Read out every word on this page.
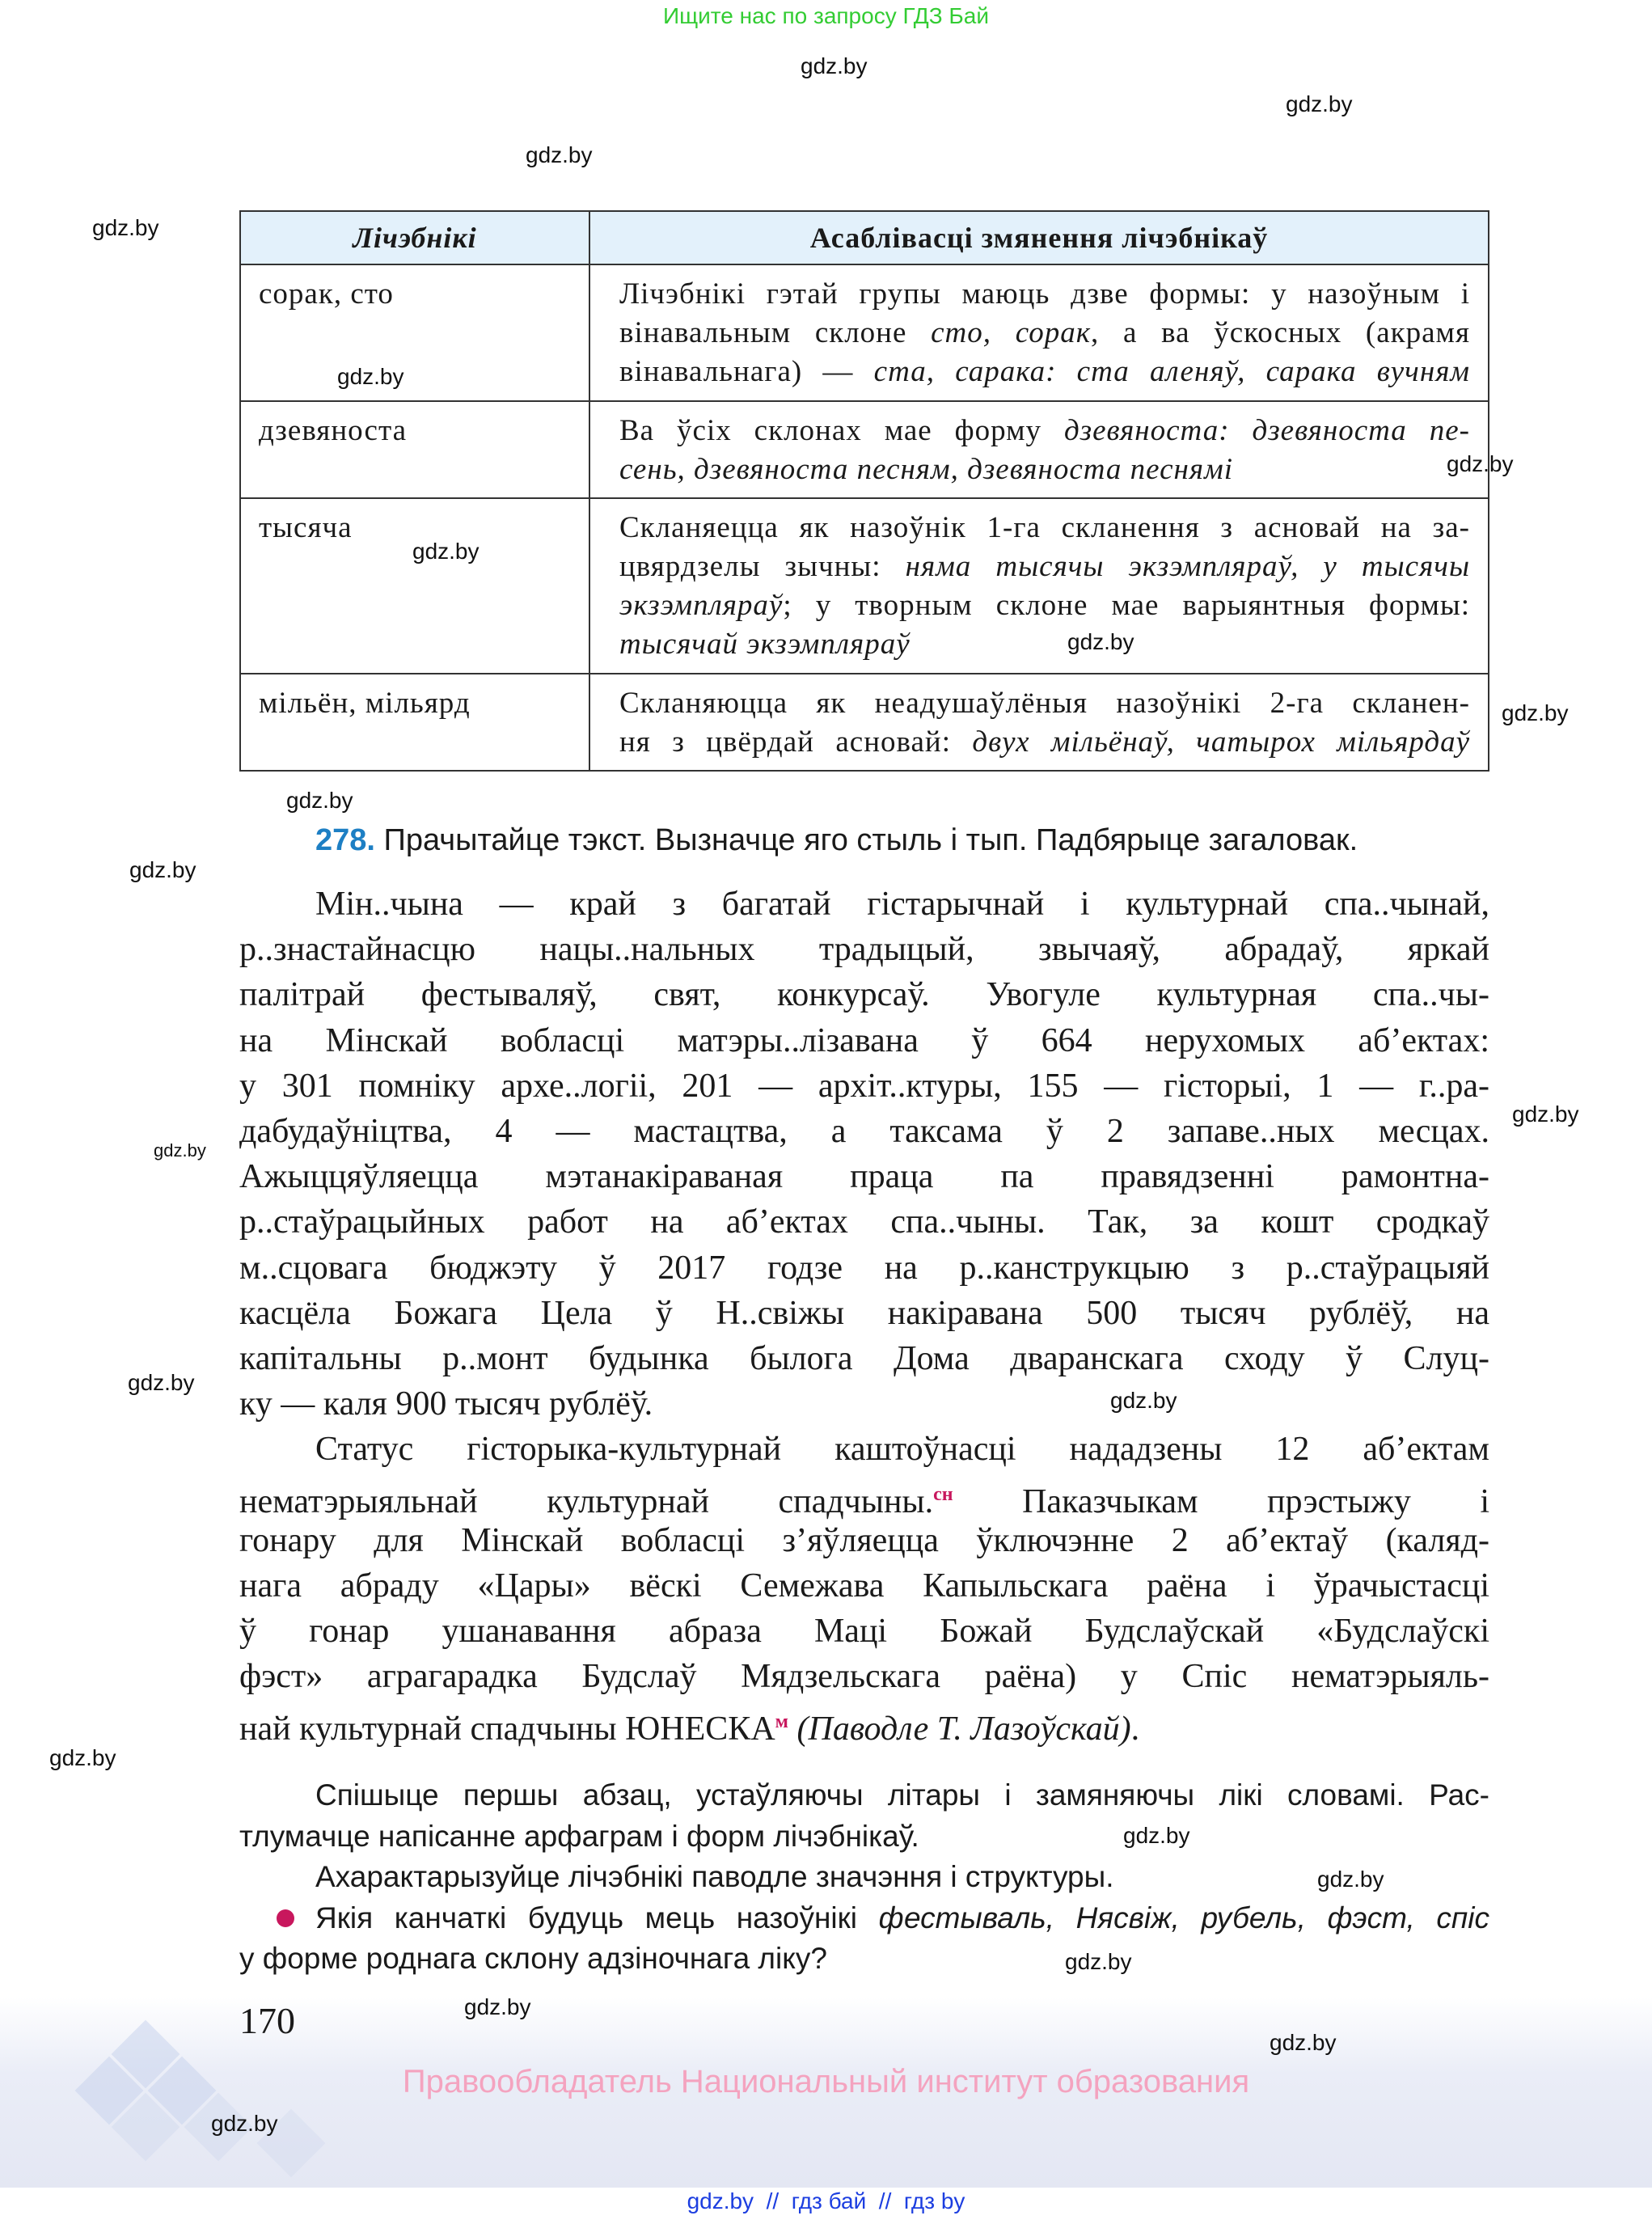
Ищите нас по запросу ГДЗ Бай
Лічэбнікі	Асаблівасці змянення лічэбнікаў
сорак, сто	Лічэбнікі гэтай групы маюць дзве формы: у назоўным і
вінавальным склоне сто, сорак, а ва ўскосных (акрамя
вінавальнага) — ста, сарака: ста аленяў, сарака вучням

дзевяноста	Ва ўсіх склонах мае форму дзевяноста: дзевяноста пе-
сень, дзевяноста песням, дзевяноста песнямі

тысяча	Скланяецца як назоўнік 1-га скланення з асновай на за-
цвярдзелы зычны: няма тысячы экзэмпляраў, у тысячы
экзэмпляраў; у творным склоне мае варыянтныя формы:
тысячай экзэмпляраў

мільён, мільярд	Скланяюцца як неадушаўлёныя назоўнікі 2-га скланен-
ня з цвёрдай асновай: двух мільёнаў, чатырох мільярдаў
278. Прачытайце тэкст. Вызначце яго стыль і тып. Падбярыце загаловак.
Мін..чына — край з багатай гістарычнай і культурнай спа..чынай,
р..знастайнасцю нацы..нальных традыцый, звычаяў, абрадаў, яркай
палітрай фестываляў, свят, конкурсаў. Увогуле культурная спа..чы-
на Мінскай вобласці матэры..лізавана ў 664 нерухомых аб’ектах:
у 301 помніку архе..логіі, 201 — архіт..ктуры, 155 — гісторыі, 1 — г..ра-
дабудаўніцтва, 4 — мастацтва, а таксама ў 2 запаве..ных месцах.
Ажыццяўляецца мэтанакіраваная праца па правядзенні рамонтна-
р..стаўрацыйных работ на аб’ектах спа..чыны. Так, за кошт сродкаў
м..сцовага бюджэту ў 2017 годзе на р..канструкцыю з р..стаўрацыяй
касцёла Божага Цела ў Н..свіжы накіравана 500 тысяч рублёў, на
капітальны р..монт будынка былога Дома дваранскага сходу ў Слуц-
ку — каля 900 тысяч рублёў.
Статус гісторыка-культурнай каштоўнасці нададзены 12 аб’ектам
нематэрыяльнай культурнай спадчыны.$^{сн}$ Паказчыкам прэстыжу і
гонару для Мінскай вобласці з’яўляецца ўключэнне 2 аб’ектаў (каляд-
нага абраду «Цары» вёскі Семежава Капыльскага раёна і ўрачыстасці
ў гонар ушанавання абраза Маці Божай Будслаўскай «Будслаўскі
фэст» аграгарадка Будслаў Мядзельскага раёна) у Спіс нематэрыяль-
най культурнай спадчыны $ЮНЕСКА^м$ (Паводле Т. Лазоўскай).
Спішыце першы абзац, устаўляючы літары і замяняючы лікі словамі. Рас-
тлумачце напісанне арфаграм і форм лічэбнікаў.
Ахарактарызуйце лічэбнікі паводле значэння і структуры.
Якія канчаткі будуць мець назоўнікі фестываль, Нясвіж, рубель, фэст, спіс
у форме роднага склону адзіночнага ліку?
170
Правообладатель Национальный институт образования
gdz.by  //  гдз бай  //  гдз by
gdz.by
gdz.by
gdz.by
gdz.by
gdz.by
gdz.by
gdz.by
gdz.by
gdz.by
gdz.by
gdz.by
gdz.by
gdz.by
gdz.by
gdz.by
gdz.by
gdz.by
gdz.by
gdz.by
gdz.by
gdz.by
gdz.by
